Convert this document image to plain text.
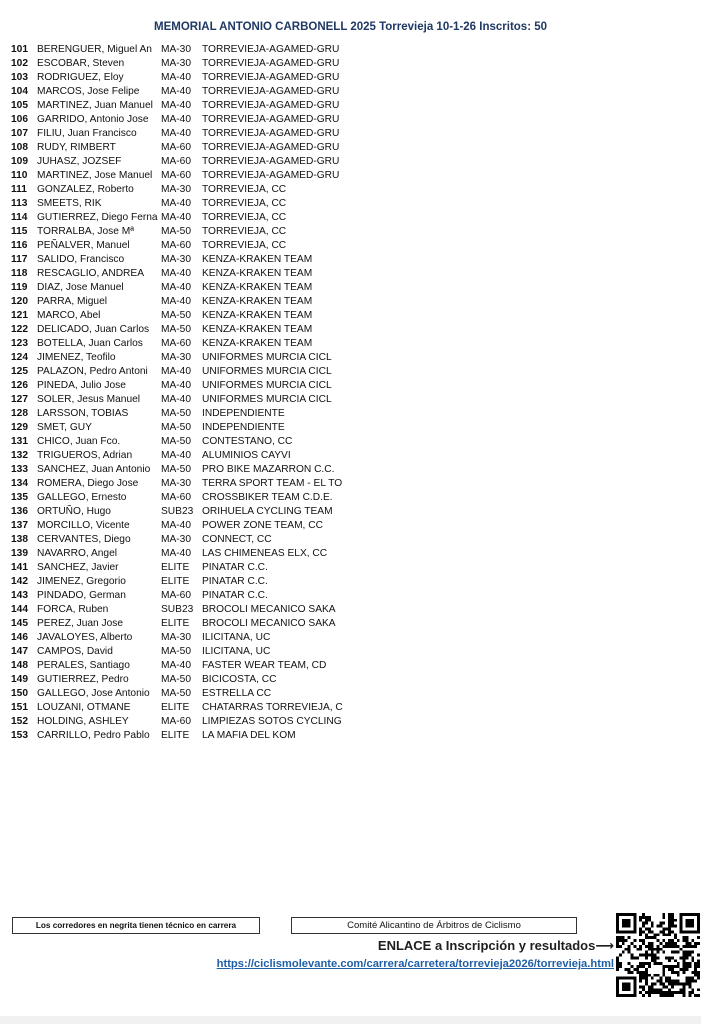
MEMORIAL ANTONIO CARBONELL 2025 Torrevieja 10-1-26 Inscritos: 50
101 BERENGUER, Miguel An MA-30	TORREVIEJA-AGAMED-GRU
102 ESCOBAR, Steven	MA-30	TORREVIEJA-AGAMED-GRU
103 RODRIGUEZ, Eloy	MA-40	TORREVIEJA-AGAMED-GRU
104 MARCOS, Jose Felipe	MA-40	TORREVIEJA-AGAMED-GRU
105 MARTINEZ, Juan Manuel MA-40	TORREVIEJA-AGAMED-GRU
106 GARRIDO, Antonio Jose	MA-40	TORREVIEJA-AGAMED-GRU
107 FILIU, Juan Francisco	MA-40	TORREVIEJA-AGAMED-GRU
108 RUDY, RIMBERT	MA-60	TORREVIEJA-AGAMED-GRU
109 JUHASZ, JOZSEF	MA-60	TORREVIEJA-AGAMED-GRU
110 MARTINEZ, Jose Manuel MA-60	TORREVIEJA-AGAMED-GRU
111 GONZALEZ, Roberto	MA-30	TORREVIEJA, CC
113 SMEETS, RIK	MA-40	TORREVIEJA, CC
114 GUTIERREZ, Diego Ferna MA-40	TORREVIEJA, CC
115 TORRALBA, Jose Mª	MA-50	TORREVIEJA, CC
116 PEÑALVER, Manuel	MA-60	TORREVIEJA, CC
117 SALIDO, Francisco	MA-30	KENZA-KRAKEN TEAM
118 RESCAGLIO, ANDREA	MA-40	KENZA-KRAKEN TEAM
119 DIAZ, Jose Manuel	MA-40	KENZA-KRAKEN TEAM
120 PARRA, Miguel	MA-40	KENZA-KRAKEN TEAM
121 MARCO, Abel	MA-50	KENZA-KRAKEN TEAM
122 DELICADO, Juan Carlos	MA-50	KENZA-KRAKEN TEAM
123 BOTELLA, Juan Carlos	MA-60	KENZA-KRAKEN TEAM
124 JIMENEZ, Teofilo	MA-30	UNIFORMES MURCIA CICL
125 PALAZON, Pedro Antoni	MA-40	UNIFORMES MURCIA CICL
126 PINEDA, Julio Jose	MA-40	UNIFORMES MURCIA CICL
127 SOLER, Jesus Manuel	MA-40	UNIFORMES MURCIA CICL
128 LARSSON, TOBIAS	MA-50	INDEPENDIENTE
129 SMET, GUY	MA-50	INDEPENDIENTE
131 CHICO, Juan Fco.	MA-50	CONTESTANO, CC
132 TRIGUEROS, Adrian	MA-40	ALUMINIOS CAYVI
133 SANCHEZ, Juan Antonio	MA-50	PRO BIKE MAZARRON C.C.
134 ROMERA, Diego Jose	MA-30	TERRA SPORT TEAM - EL TO
135 GALLEGO, Ernesto	MA-60	CROSSBIKER TEAM C.D.E.
136 ORTUÑO, Hugo	SUB23 ORIHUELA CYCLING TEAM
137 MORCILLO, Vicente	MA-40	POWER ZONE TEAM, CC
138 CERVANTES, Diego	MA-30	CONNECT, CC
139 NAVARRO, Angel	MA-40	LAS CHIMENEAS ELX, CC
141 SANCHEZ, Javier	ELITE	PINATAR C.C.
142 JIMENEZ, Gregorio	ELITE	PINATAR C.C.
143 PINDADO, German	MA-60	PINATAR C.C.
144 FORCA, Ruben	SUB23 BROCOLI MECANICO SAKA
145 PEREZ, Juan Jose	ELITE	BROCOLI MECANICO SAKA
146 JAVALOYES, Alberto	MA-30	ILICITANA, UC
147 CAMPOS, David	MA-50	ILICITANA, UC
148 PERALES, Santiago	MA-40	FASTER WEAR TEAM, CD
149 GUTIERREZ, Pedro	MA-50	BICICOSTA, CC
150 GALLEGO, Jose Antonio	MA-50	ESTRELLA CC
151 LOUZANI, OTMANE	ELITE	CHATARRAS TORREVIEJA, C
152 HOLDING, ASHLEY	MA-60	LIMPIEZAS SOTOS CYCLING
153 CARRILLO, Pedro Pablo	ELITE	LA MAFIA DEL KOM
Los corredores en negrita tienen técnico en carrera	Comité Alicantino de Árbitros de Ciclismo
ENLACE a Inscripción y resultados⟶
https://ciclismolevante.com/carrera/carretera/torrevieja2026/torrevieja.html
